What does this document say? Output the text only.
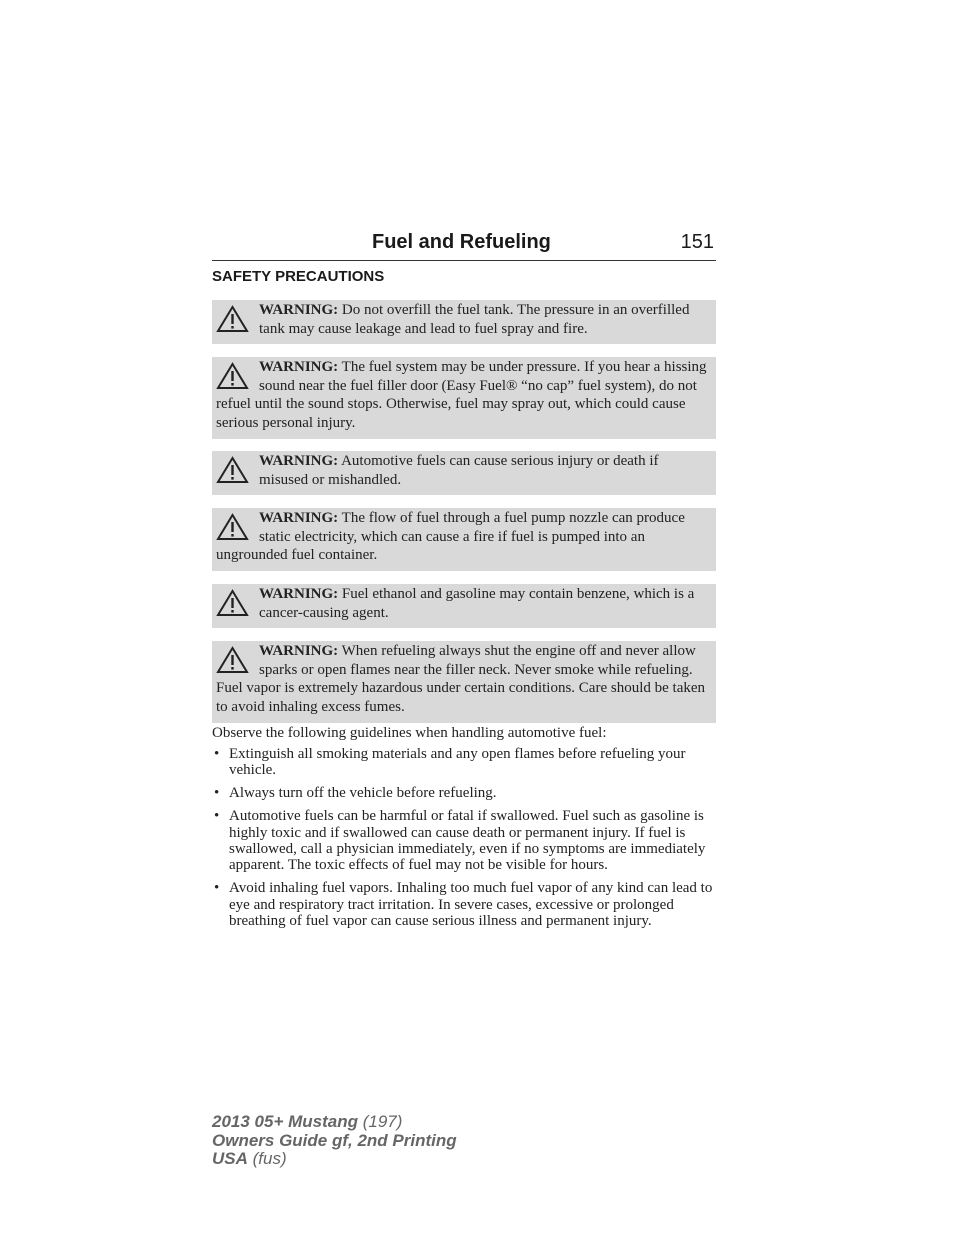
Fuel and Refueling	151
SAFETY PRECAUTIONS
WARNING: Do not overfill the fuel tank. The pressure in an overfilled tank may cause leakage and lead to fuel spray and fire.
WARNING: The fuel system may be under pressure. If you hear a hissing sound near the fuel filler door (Easy Fuel® “no cap” fuel system), do not refuel until the sound stops. Otherwise, fuel may spray out, which could cause serious personal injury.
WARNING: Automotive fuels can cause serious injury or death if misused or mishandled.
WARNING: The flow of fuel through a fuel pump nozzle can produce static electricity, which can cause a fire if fuel is pumped into an ungrounded fuel container.
WARNING: Fuel ethanol and gasoline may contain benzene, which is a cancer-causing agent.
WARNING: When refueling always shut the engine off and never allow sparks or open flames near the filler neck. Never smoke while refueling. Fuel vapor is extremely hazardous under certain conditions. Care should be taken to avoid inhaling excess fumes.
Observe the following guidelines when handling automotive fuel:
• Extinguish all smoking materials and any open flames before refueling your vehicle.
• Always turn off the vehicle before refueling.
• Automotive fuels can be harmful or fatal if swallowed. Fuel such as gasoline is highly toxic and if swallowed can cause death or permanent injury. If fuel is swallowed, call a physician immediately, even if no symptoms are immediately apparent. The toxic effects of fuel may not be visible for hours.
• Avoid inhaling fuel vapors. Inhaling too much fuel vapor of any kind can lead to eye and respiratory tract irritation. In severe cases, excessive or prolonged breathing of fuel vapor can cause serious illness and permanent injury.
2013 05+ Mustang (197)
Owners Guide gf, 2nd Printing
USA (fus)
